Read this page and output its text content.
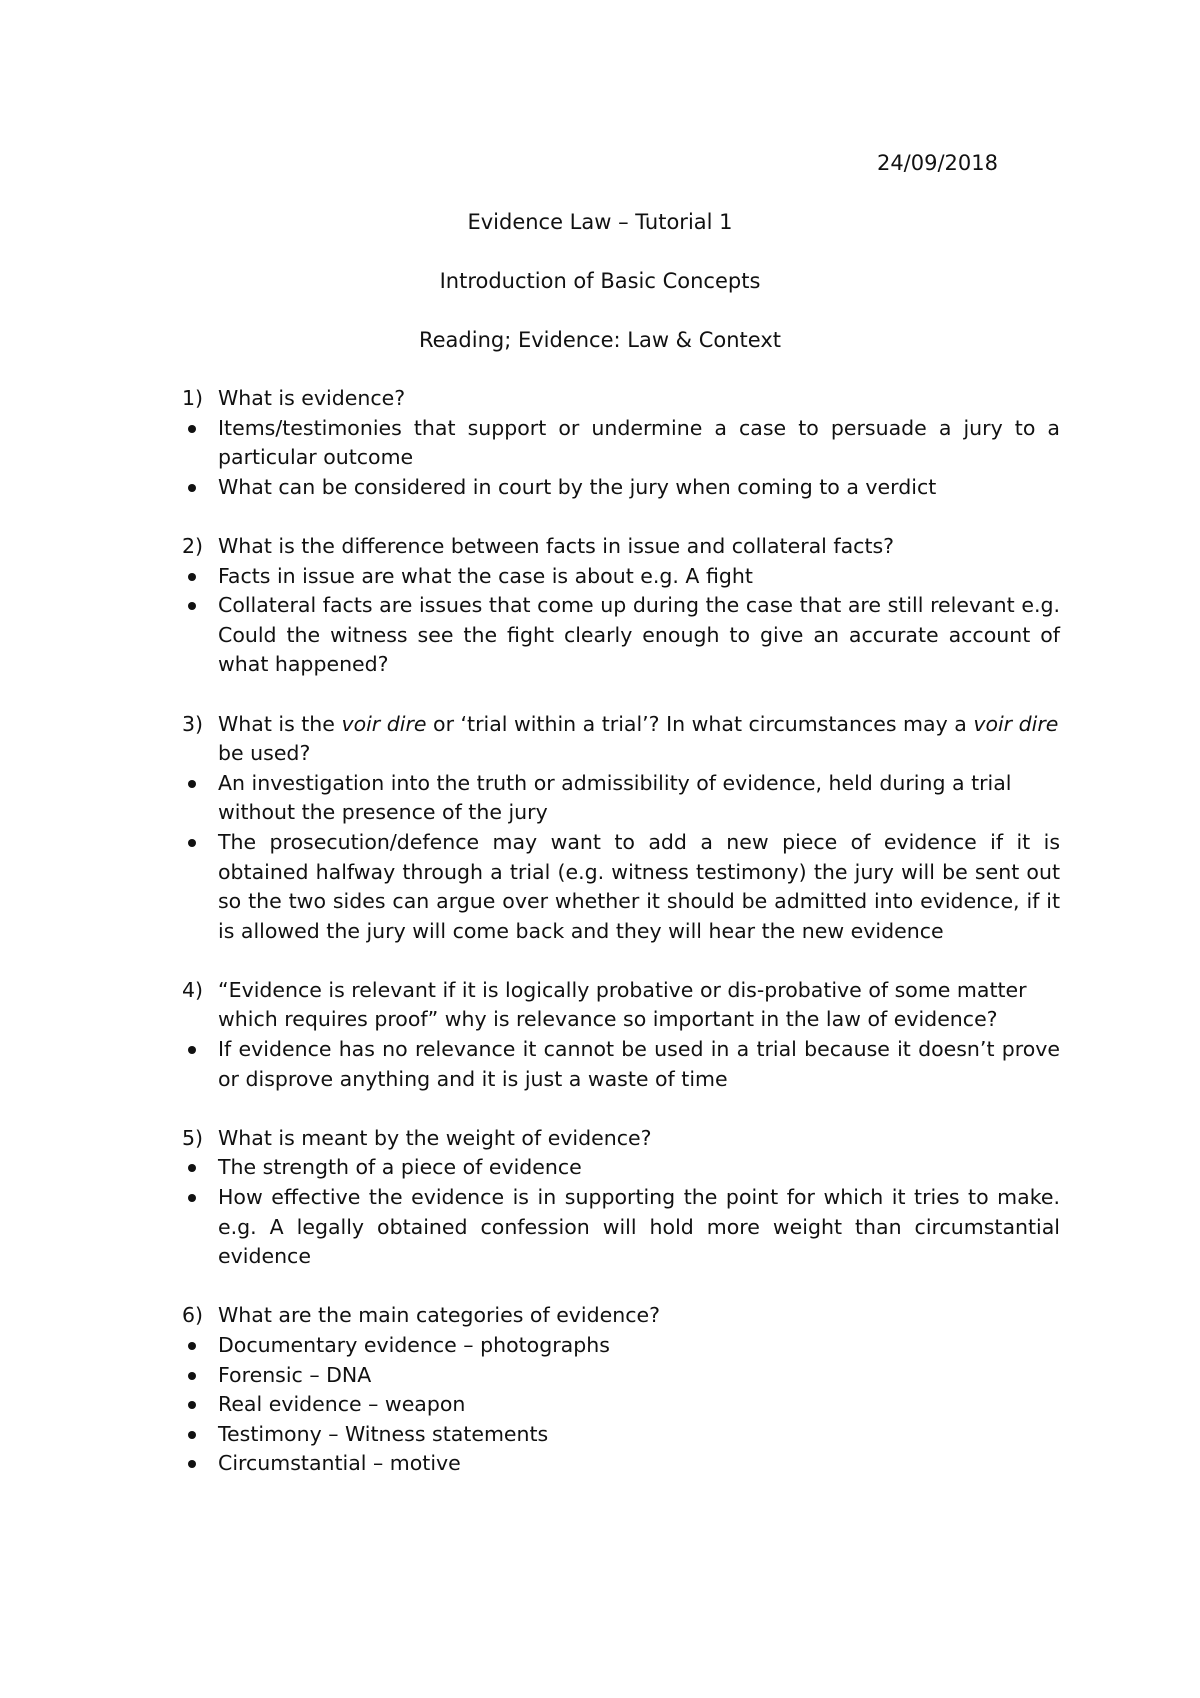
24/09/2018
Evidence Law – Tutorial 1
Introduction of Basic Concepts
Reading; Evidence: Law & Context
1) What is evidence?
Items/testimonies that support or undermine a case to persuade a jury to a particular outcome
What can be considered in court by the jury when coming to a verdict
2) What is the difference between facts in issue and collateral facts?
Facts in issue are what the case is about e.g. A fight
Collateral facts are issues that come up during the case that are still relevant e.g. Could the witness see the fight clearly enough to give an accurate account of what happened?
3) What is the voir dire or ‘trial within a trial’? In what circumstances may a voir dire be used?
An investigation into the truth or admissibility of evidence, held during a trial without the presence of the jury
The prosecution/defence may want to add a new piece of evidence if it is obtained halfway through a trial (e.g. witness testimony) the jury will be sent out so the two sides can argue over whether it should be admitted into evidence, if it is allowed the jury will come back and they will hear the new evidence
4) “Evidence is relevant if it is logically probative or dis-probative of some matter which requires proof” why is relevance so important in the law of evidence?
If evidence has no relevance it cannot be used in a trial because it doesn’t prove or disprove anything and it is just a waste of time
5) What is meant by the weight of evidence?
The strength of a piece of evidence
How effective the evidence is in supporting the point for which it tries to make. e.g. A legally obtained confession will hold more weight than circumstantial evidence
6) What are the main categories of evidence?
Documentary evidence – photographs
Forensic – DNA
Real evidence – weapon
Testimony – Witness statements
Circumstantial – motive
